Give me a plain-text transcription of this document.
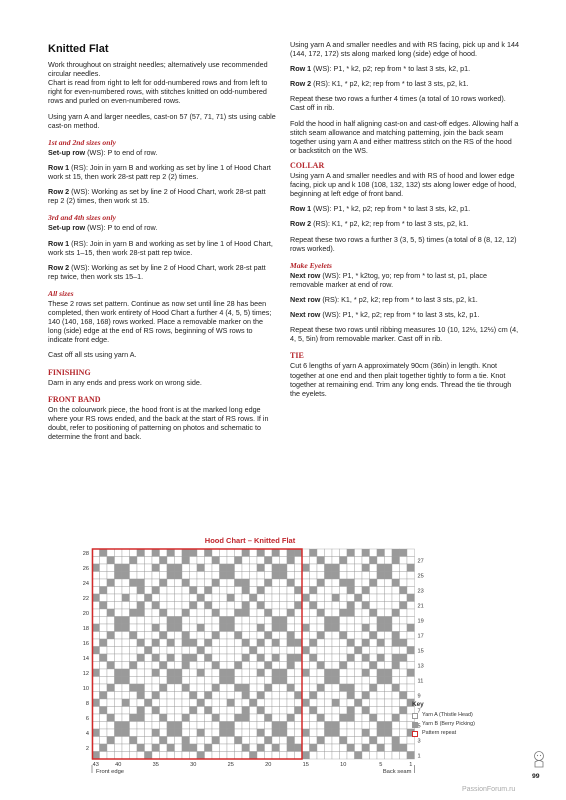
Knitted Flat

Work throughout on straight needles; alternatively use recommended circular needles.

Chart is read from right to left for odd-numbered rows and from left to right for even-numbered rows, with stitches knitted on odd-numbered rows and purled on even-numbered rows.

Using yarn A and larger needles, cast-on 57 (57, 71, 71) sts using cable cast-on method.

1st and 2nd sizes only

Set-up row (WS): P to end of row.

Row 1 (RS): Join in yarn B and working as set by line 1 of Hood Chart work st 15, then work 28-st patt rep 2 (2) times.

Row 2 (WS): Working as set by line 2 of Hood Chart, work 28-st patt rep 2 (2) times, then work st 15.

3rd and 4th sizes only

Set-up row (WS): P to end of row.

Row 1 (RS): Join in yarn B and working as set by line 1 of Hood Chart, work sts 1–15, then work 28-st patt rep twice.

Row 2 (WS): Working as set by line 2 of Hood Chart, work 28-st patt rep twice, then work sts 15–1.

All sizes

These 2 rows set pattern. Continue as now set until line 28 has been completed, then work entirety of Hood Chart a further 4 (4, 5, 5) times; 140 (140, 168, 168) rows worked. Place a removable marker on the long (side) edge at the end of RS rows, beginning of WS rows to indicate front edge.

Cast off all sts using yarn A.

FINISHING

Darn in any ends and press work on wrong side.

FRONT BAND

On the colourwork piece, the hood front is at the marked long edge where your RS rows ended, and the back at the start of RS rows. If in doubt, refer to positioning of patterning on photos and schematic to determine the front and back.

Using yarn A and smaller needles and with RS facing, pick up and k 144 (144, 172, 172) sts along marked long (side) edge of hood.

Row 1 (WS): P1, * k2, p2; rep from * to last 3 sts, k2, p1.

Row 2 (RS): K1, * p2, k2; rep from * to last 3 sts, p2, k1.

Repeat these two rows a further 4 times (a total of 10 rows worked). Cast off in rib.

Fold the hood in half aligning cast-on and cast-off edges. Allowing half a stitch seam allowance and matching patterning, join the back seam together using yarn A and either mattress stitch on the RS of the hood or backstitch on the WS.

COLLAR

Using yarn A and smaller needles and with RS of hood and lower edge facing, pick up and k 108 (108, 132, 132) sts along lower edge of hood, beginning at left edge of front band.

Row 1 (WS): P1, * k2, p2; rep from * to last 3 sts, k2, p1.

Row 2 (RS): K1, * p2, k2; rep from * to last 3 sts, p2, k1.

Repeat these two rows a further 3 (3, 5, 5) times (a total of 8 (8, 12, 12) rows worked).

Make Eyelets

Next row (WS): P1, * k2tog, yo; rep from * to last st, p1, place removable marker at end of row.

Next row (RS): K1, * p2, k2; rep from * to last 3 sts, p2, k1.

Next row (WS): P1, * k2, p2; rep from * to last 3 sts, k2, p1.

Repeat these two rows until ribbing measures 10 (10, 12½, 12½) cm (4, 4, 5, 5in) from removable marker. Cast off in rib.

TIE

Cut 6 lengths of yarn A approximately 90cm (36in) in length. Knot together at one end and then plait together tightly to form a tie. Knot together at remaining end. Trim any long ends. Thread the tie through the eyelets.

Hood Chart – Knitted Flat
28
26
24
22
20
18
16
14
12
10
8
6
4
2
27
25
23
21
19
17
15
13
11
9
7
5
3
1
43	40	35	30	25	20	15	10	5	1
Front edge	Back seam
Key
Yarn A (Thistle Head)
Yarn B (Berry Picking)
Pattern repeat
99
PassionForum.ru
